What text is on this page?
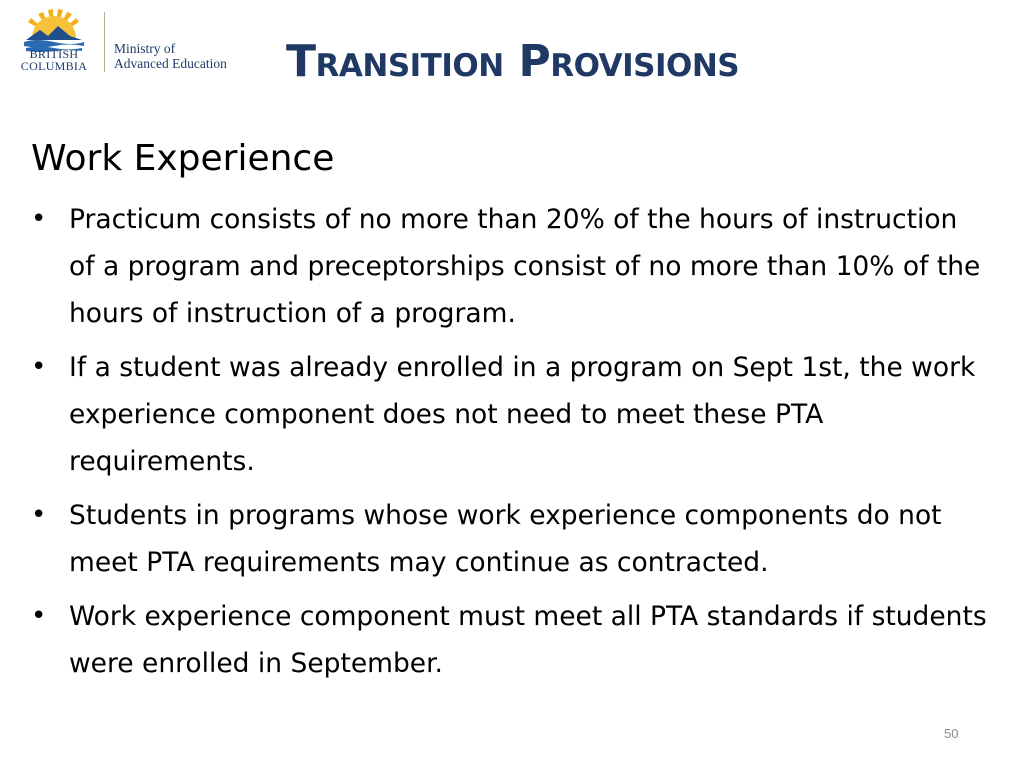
BRITISH
COLUMBIA
Ministry of
Advanced Education Transition Provisions
Work Experience
• Practicum consists of no more than 20% of the hours of instruction of a program and preceptorships consist of no more than 10% of the hours of instruction of a program.
• If a student was already enrolled in a program on Sept 1st, the work experience component does not need to meet these PTA requirements.
• Students in programs whose work experience components do not meet PTA requirements may continue as contracted.
• Work experience component must meet all PTA standards if students were enrolled in September.
50
